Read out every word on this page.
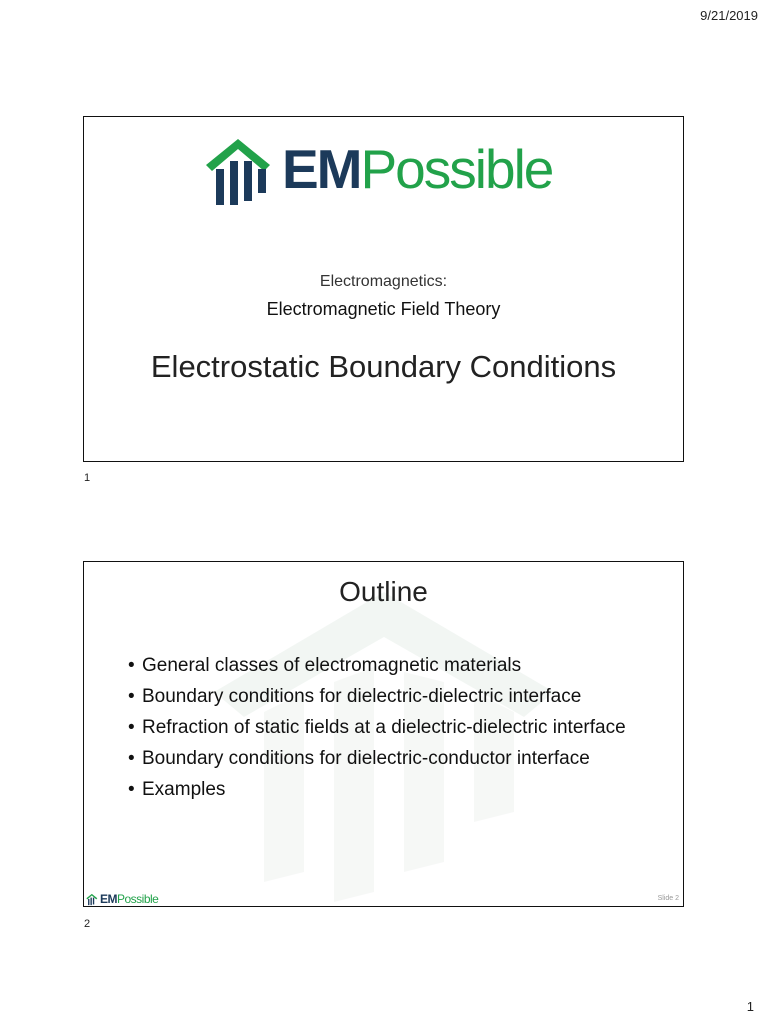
9/21/2019
EMPossible
Electromagnetics:
Electromagnetic Field Theory
Electrostatic Boundary Conditions
1
Outline
• General classes of electromagnetic materials
• Boundary conditions for dielectric-dielectric interface
• Refraction of static fields at a dielectric-dielectric interface
• Boundary conditions for dielectric-conductor interface
• Examples
EMPossible	Slide 2
2
1
